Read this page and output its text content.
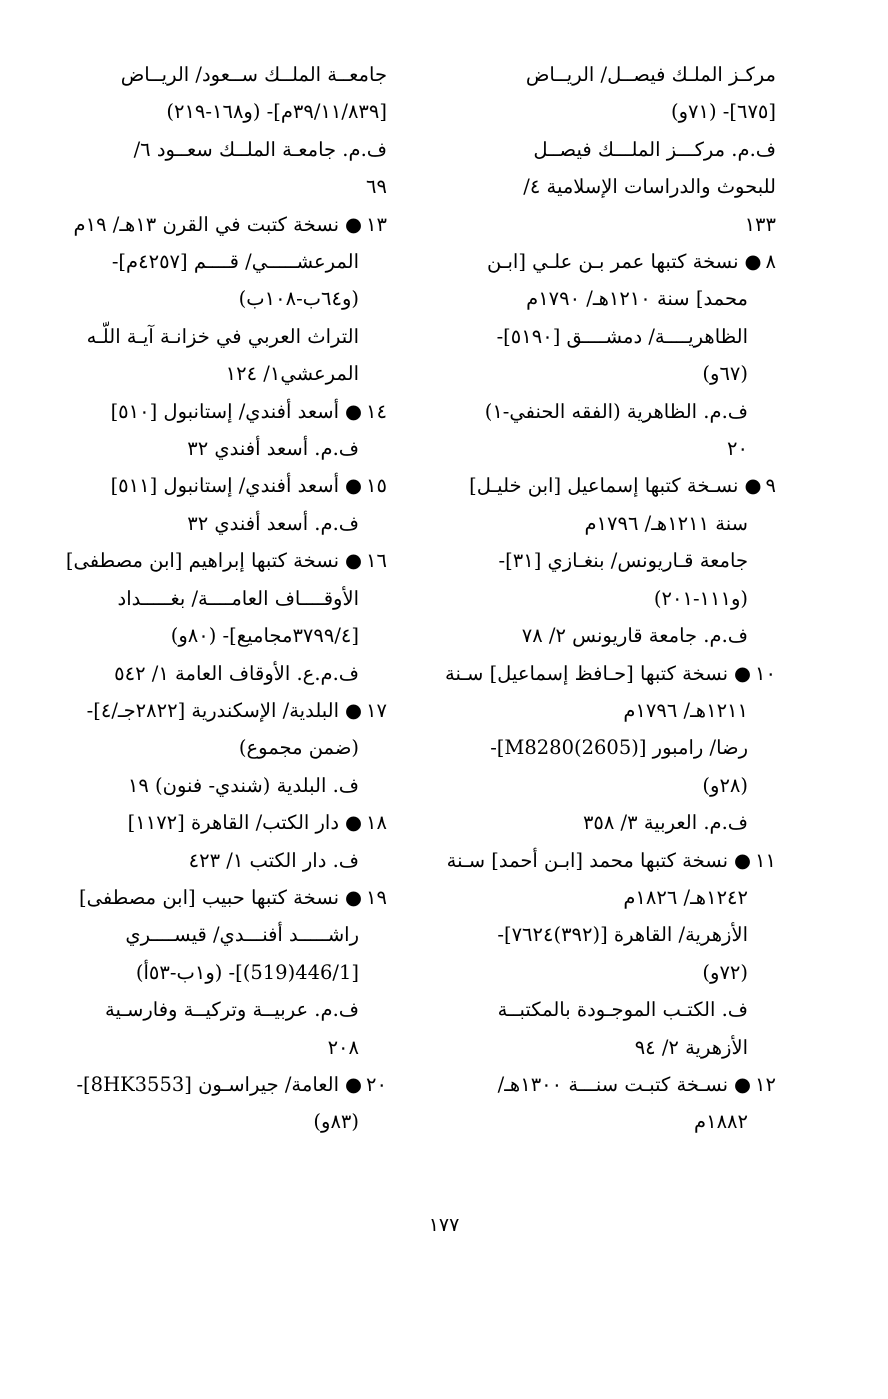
مركـز الملـك فيصــل/ الريــاض
[٦٧٥]- (٧١و)
ف.م. مركـــز الملـــك فيصــل
للبحوث والدراسات الإسلامية ٤/
١٣٣
٨●نسخة كتبها عمر بـن علـي [ابـن
محمد] سنة ١٢١٠هـ/ ١٧٩٠م
الظاهريــــة/ دمشــــق [٥١٩٠]-
(٦٧و)
ف.م. الظاهرية (الفقه الحنفي-١)
٢٠
٩●نسـخة كتبها إسماعيل [ابن خليـل]
سنة ١٢١١هـ/ ١٧٩٦م
جامعة قـاريونس/ بنغـازي [٣١]-
(و١١١-٢٠١)
ف.م. جامعة قاريونس ٢/ ٧٨
١٠●نسخة كتبها [حـافظ إسماعيل] سـنة
١٢١١هـ/ ١٧٩٦م
رضا/ رامبور [M8280(2605)]-
(٢٨و)
ف.م. العربية ٣/ ٣٥٨
١١●نسخة كتبها محمد [ابـن أحمد] سـنة
١٢٤٢هـ/ ١٨٢٦م
الأزهرية/ القاهرة [(٣٩٢)٧٦٢٤]-
(٧٢و)
ف. الكتـب الموجـودة بالمكتبــة
الأزهرية ٢/ ٩٤
١٢●نسـخة كتبـت سنـــة ١٣٠٠هـ/
١٨٨٢م
جامعــة الملــك ســعود/ الريــاض
[٣٩/١١/٨٣٩م]- (و١٦٨-٢١٩)
ف.م. جامعـة الملــك سعــود ٦/
٦٩
١٣●نسخة كتبت في القرن ١٣هـ/ ١٩م
المرعشـــــي/ قــــم [٤٢٥٧م]-
(و٦٤ب-١٠٨ب)
التراث العربي في خزانـة آيـة اللّـه
المرعشي١/ ١٢٤
١٤●أسعد أفندي/ إستانبول [٥١٠]
ف.م. أسعد أفندي ٣٢
١٥●أسعد أفندي/ إستانبول [٥١١]
ف.م. أسعد أفندي ٣٢
١٦●نسخة كتبها إبراهيم [ابن مصطفى]
الأوقــــاف العامــــة/ بغـــــداد
[٣٧٩٩/٤مجاميع]- (٨٠و)
ف.م.ع. الأوقاف العامة ١/ ٥٤٢
١٧●البلدية/ الإسكندرية [٢٨٢٢جـ/٤]-
(ضمن مجموع)
ف. البلدية (شندي- فنون) ١٩
١٨●دار الكتب/ القاهرة [١١٧٢]
ف. دار الكتب ١/ ٤٢٣
١٩●نسخة كتبها حبيب [ابن مصطفى]
راشـــــد أفنـــدي/ قيســــري
[446/1(519)]- (و١ب-٥٣أ)
ف.م. عربيــة وتركيــة وفارسـية
٢٠٨
٢٠●العامة/ جيراسـون [8HK3553]-
(٨٣و)
١٧٧
